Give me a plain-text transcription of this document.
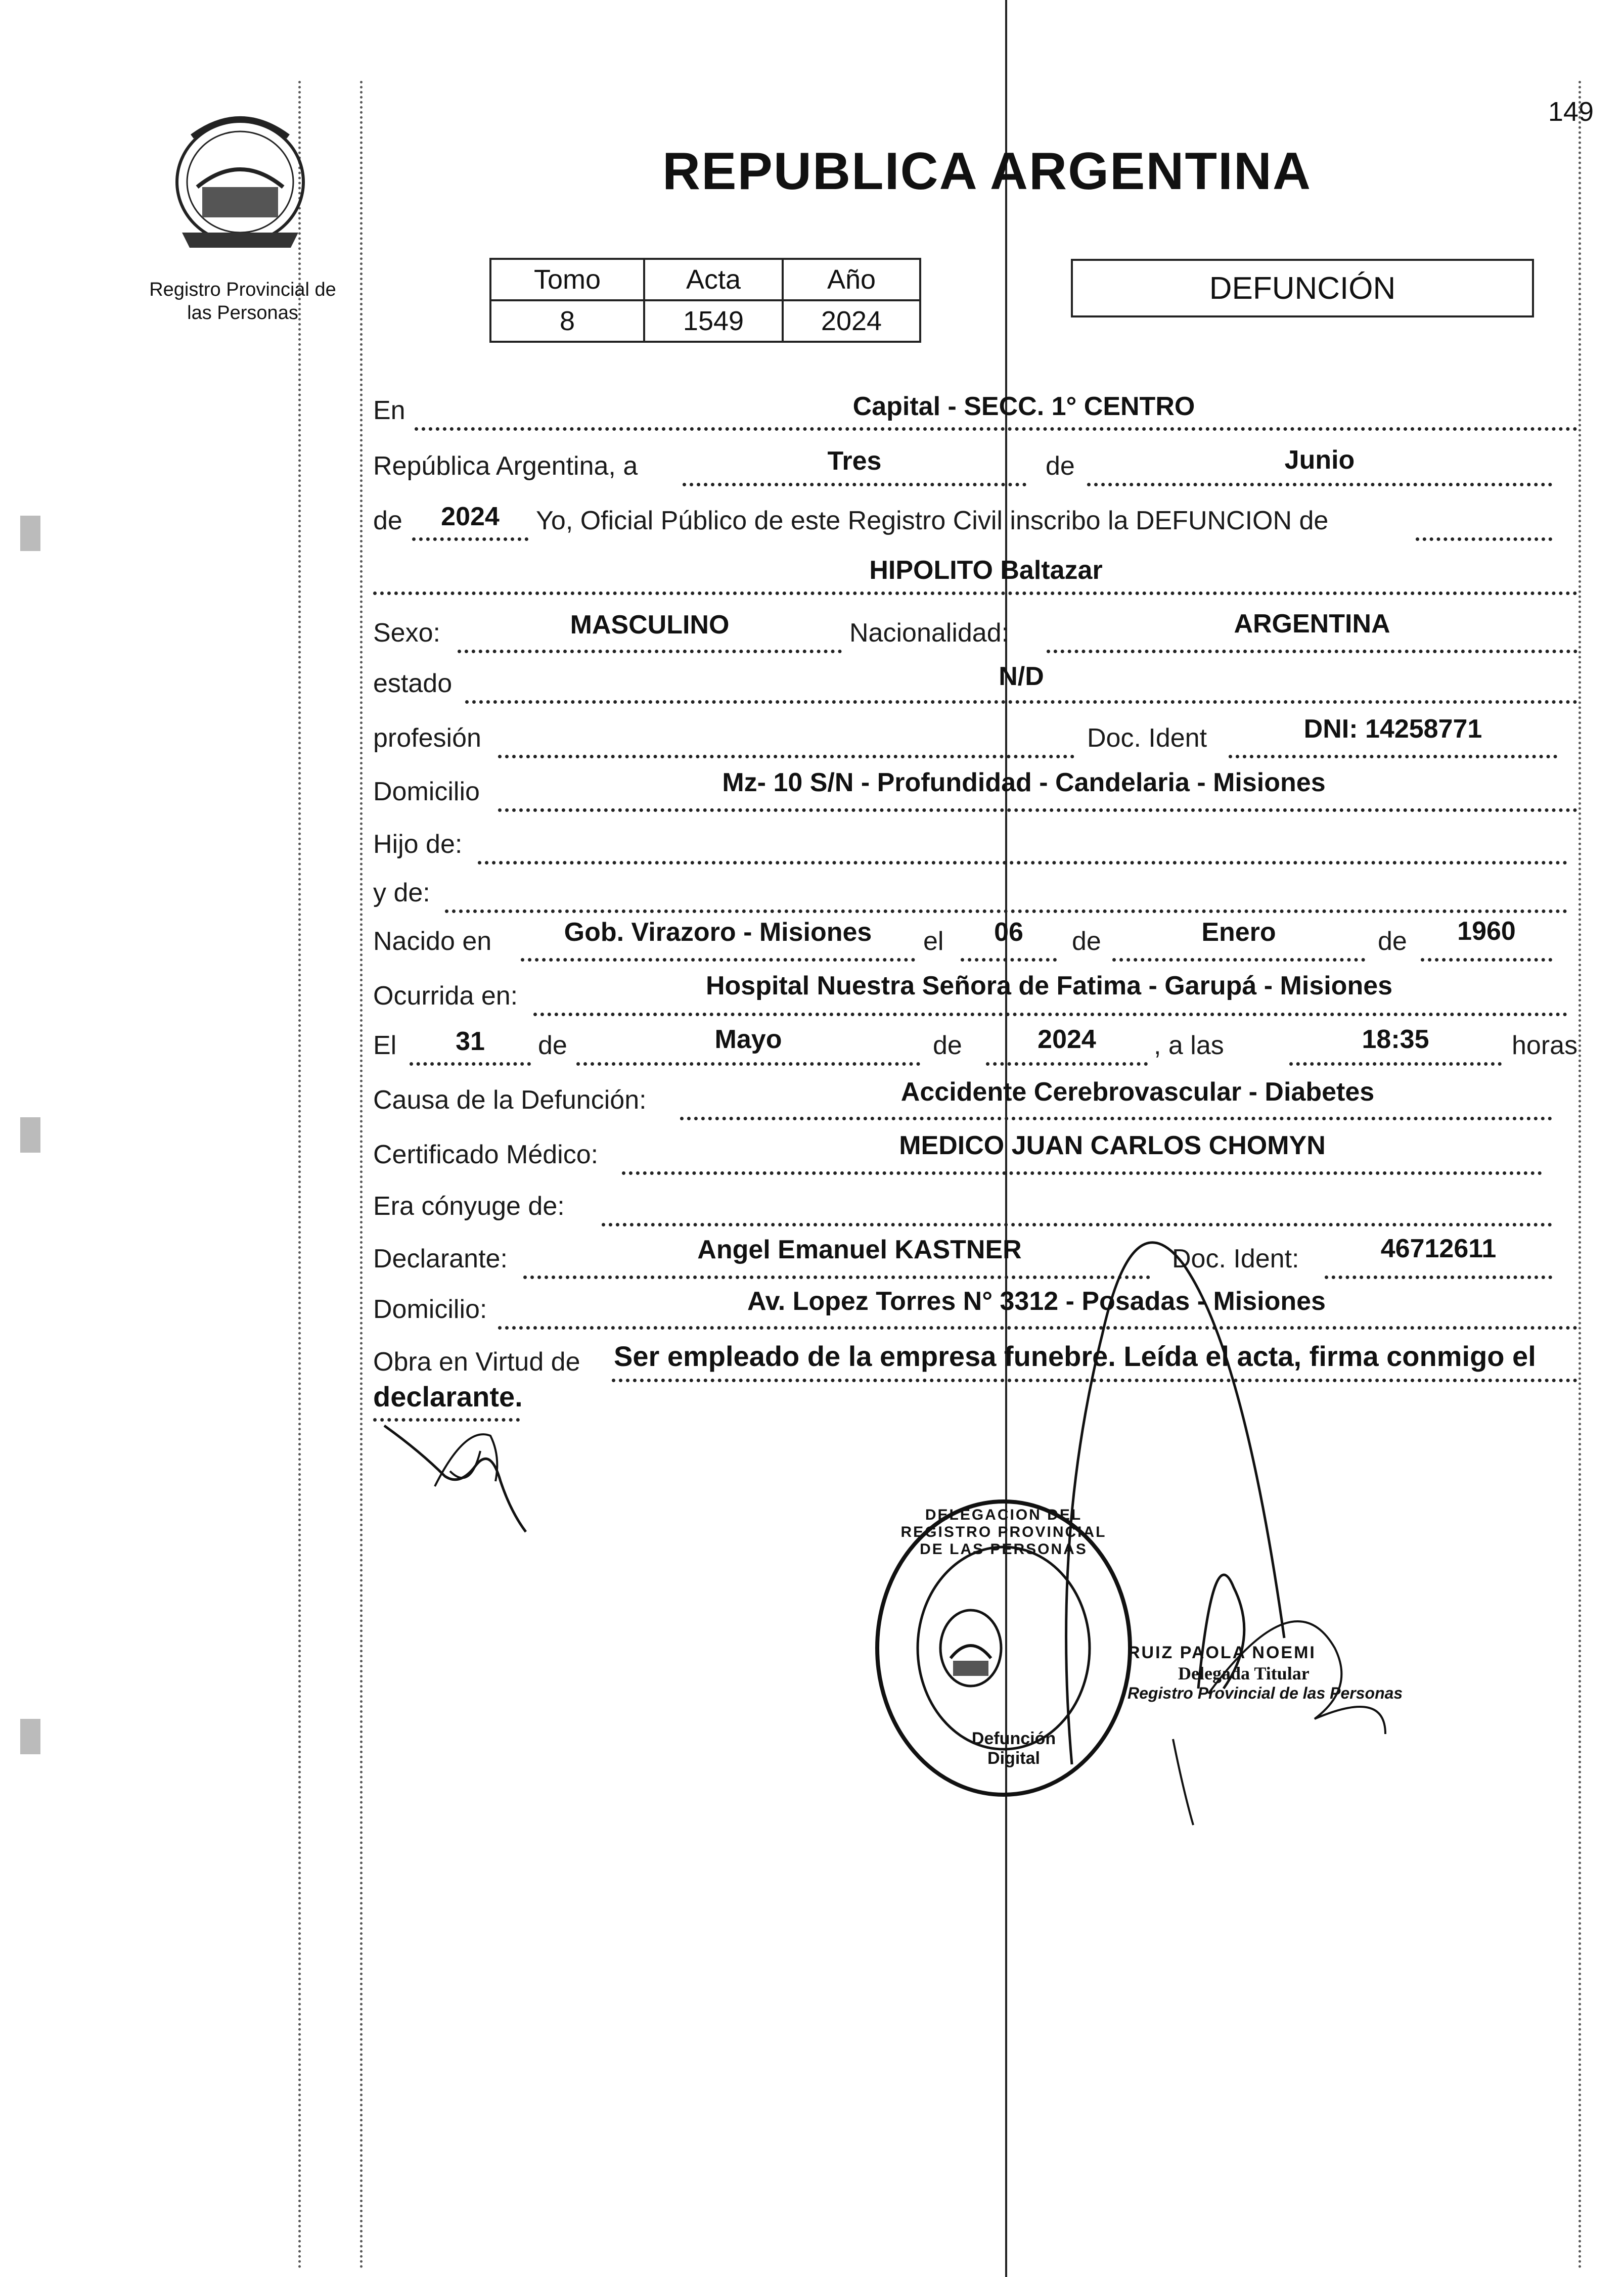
149
Registro Provincial de las Personas
REPUBLICA ARGENTINA
Tomo	Acta	Año
8	1549	2024
DEFUNCIÓN
En	Capital - SECC. 1° CENTRO
República Argentina, a	Tres	de	Junio
de	2024	Yo, Oficial Público de este Registro Civil inscribo la DEFUNCION de
HIPOLITO Baltazar
Sexo:	MASCULINO	Nacionalidad:	ARGENTINA
estado	N/D
profesión	Doc. Ident	DNI: 14258771
Domicilio	Mz- 10 S/N - Profundidad - Candelaria - Misiones
Hijo de:
y de:
Nacido en	Gob. Virazoro - Misiones	el	06	de	Enero	de	1960
Ocurrida en:	Hospital Nuestra Señora de Fatima - Garupá - Misiones
El	31	de	Mayo	de	2024	, a las	18:35	horas
Causa de la Defunción:	Accidente Cerebrovascular - Diabetes
Certificado Médico:	MEDICO JUAN CARLOS CHOMYN
Era cónyuge de:
Declarante:	Angel Emanuel KASTNER	Doc. Ident:	46712611
Domicilio:	Av. Lopez Torres N° 3312 - Posadas - Misiones
Obra en Virtud de Ser empleado de la empresa funebre. Leída el acta, firma conmigo el
declarante.
DELEGACION DEL REGISTRO PROVINCIAL DE LAS PERSONAS
Defunción Digital
RUIZ PAOLA NOEMI
Delegada Titular
Registro Provincial de las Personas
